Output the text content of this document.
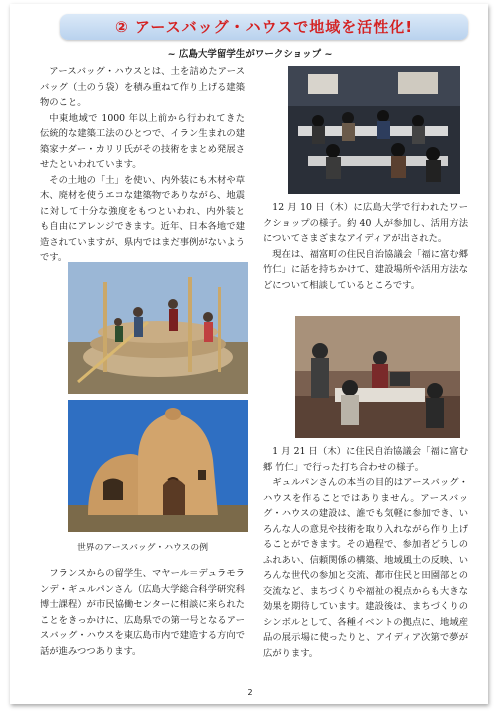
② アースバッグ・ハウスで地域を活性化!
~ 広島大学留学生がワークショップ ~

アースバッグ・ハウスとは、土を詰めたアースバッグ（土のう袋）を積み重ねて作り上げる建築物のこと。

中東地域で 1000 年以上前から行われてきた伝統的な建築工法のひとつで、イラン生まれの建築家ナダー・カリリ氏がその技術をまとめ発展させたといわれています。

その土地の「土」を使い、内外装にも木材や草木、廃材を使うエコな建築物でありながら、地震に対して十分な強度をもつといわれ、内外装とも自由にアレンジできます。近年、日本各地で建造されていますが、県内ではまだ事例がないようです。

世界のアースバッグ・ハウスの例

フランスからの留学生、マヤール＝デュラモランデ・ギュルパンさん（広島大学総合科学研究科博士課程）が市民協働センターに相談に来られたことをきっかけに、広島県での第一号となるアースバッグ・ハウスを東広島市内で建造する方向で話が進みつつあります。

12 月 10 日（木）に広島大学で行われたワークショップの様子。約 40 人が参加し、活用方法についてさまざまなアイディアが出された。

現在は、福富町の住民自治協議会「福に富む郷 竹仁」に話を持ちかけて、建設場所や活用方法などについて相談しているところです。

1 月 21 日（木）に住民自治協議会「福に富む郷 竹仁」で行った打ち合わせの様子。

ギュルパンさんの本当の目的はアースバッグ・ハウスを作ることではありません。アースバッグ・ハウスの建設は、誰でも気軽に参加でき、いろんな人の意見や技術を取り入れながら作り上げることができます。その過程で、参加者どうしのふれあい、信頼関係の構築、地域風土の反映、いろんな世代の参加と交流、都市住民と田園部との交流など、まちづくりや福祉の視点からも大きな効果を期待しています。建設後は、まちづくりのシンボルとして、各種イベントの拠点に、地域産品の展示場に使ったりと、アイディア次第で夢が広がります。

2
